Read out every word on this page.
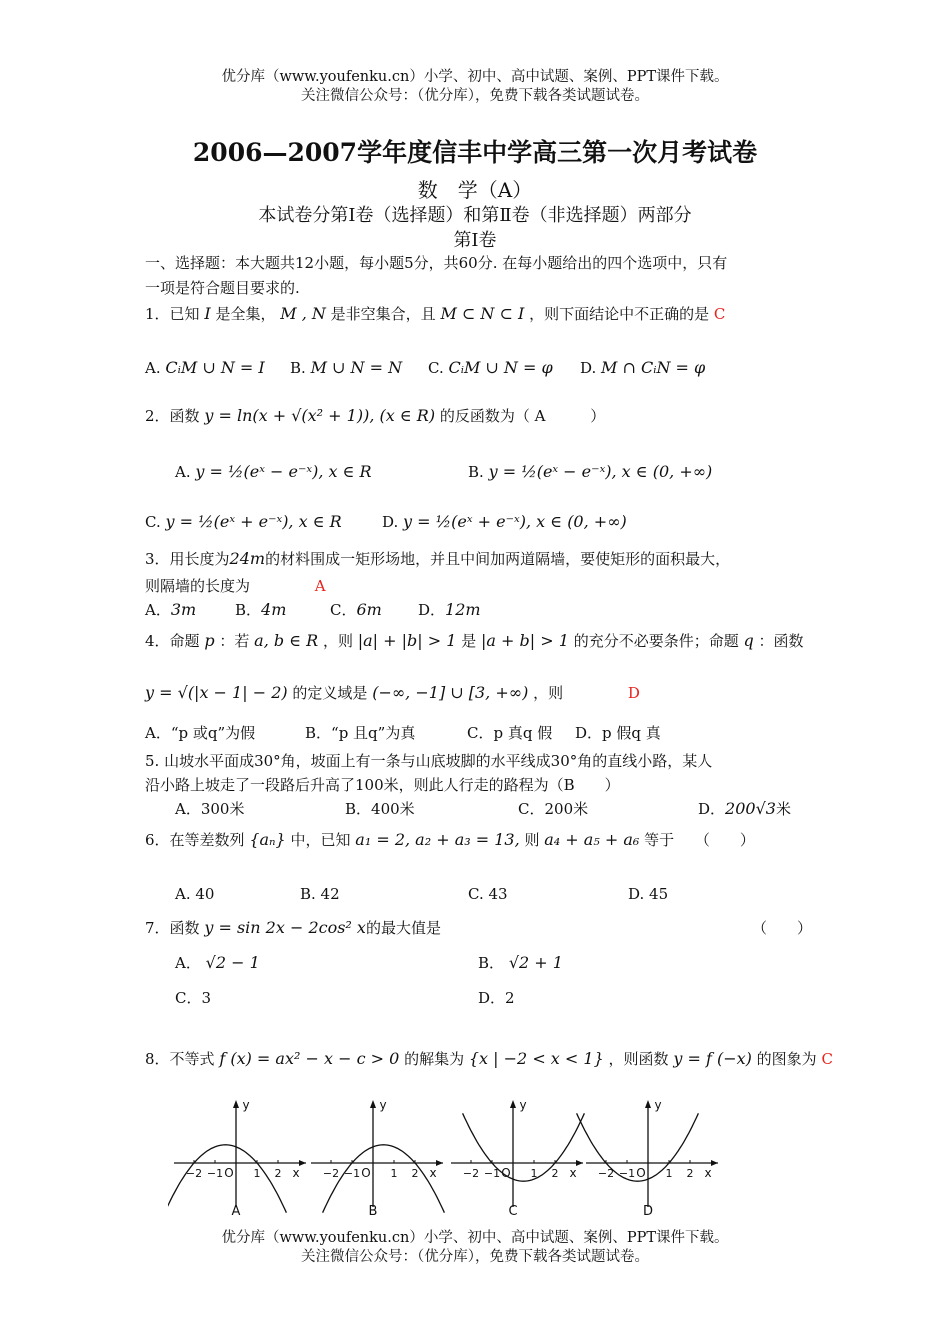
优分库（www.youfenku.cn）小学、初中、高中试题、案例、PPT课件下载。
关注微信公众号：（优分库），免费下载各类试题试卷。
2006—2007学年度信丰中学高三第一次月考试卷
数　学（A）
本试卷分第Ⅰ卷（选择题）和第Ⅱ卷（非选择题）两部分
第Ⅰ卷
一、选择题：本大题共12小题，每小题5分，共60分. 在每小题给出的四个选项中，只有
一项是符合题目要求的.
1．已知 I 是全集， M , N 是非空集合，且 M ⊂ N ⊂ I ，则下面结论中不正确的是 C
A. CᵢM ∪ N = I B. M ∪ N = N C. CᵢM ∪ N = φ D. M ∩ CᵢN = φ
2．函数 y = ln(x + √(x² + 1)), (x ∈ R) 的反函数为（ A	）
A. y = ½(eˣ − e⁻ˣ), x ∈ R	B. y = ½(eˣ − e⁻ˣ), x ∈ (0, +∞)
C. y = ½(eˣ + e⁻ˣ), x ∈ R	D. y = ½(eˣ + e⁻ˣ), x ∈ (0, +∞)
3．用长度为24m的材料围成一矩形场地，并且中间加两道隔墙，要使矩形的面积最大，
则隔墙的长度为	A
A．3m	B．4m	C．6m D．12m
4．命题 p ：若 a, b ∈ R ，则 |a| + |b| > 1 是 |a + b| > 1 的充分不必要条件；命题 q ：函数
y = √(|x − 1| − 2) 的定义域是 (−∞, −1] ∪ [3, +∞) ，则	D
A．“p 或q”为假	B．“p 且q”为真	C．p 真q 假 D．p 假q 真
5. 山坡水平面成30°角，坡面上有一条与山底坡脚的水平线成30°角的直线小路，某人
沿小路上坡走了一段路后升高了100米，则此人行走的路程为（B ）
A．300米	B．400米	C．200米	D．200√3米
6．在等差数列 {aₙ} 中，已知 a₁ = 2, a₂ + a₃ = 13, 则 a₄ + a₅ + a₆ 等于 （　　）
A. 40	B. 42	C. 43	D. 45
7．函数 y = sin 2x − 2cos² x的最大值是	（　　）
A． √2 − 1	B． √2 + 1
C．3	D．2
8．不等式 f (x) = ax² − x − c > 0 的解集为 {x | −2 < x < 1} ，则函数 y = f (−x) 的图象为 C
y
x
−2 −1	1 2
O
A
y
x
−2 −1	1 2
O
B
y
x
−2 −1	1 2
O
C
y
x
−2 −1	1 2
O
D
优分库（www.youfenku.cn）小学、初中、高中试题、案例、PPT课件下载。
关注微信公众号：（优分库），免费下载各类试题试卷。
